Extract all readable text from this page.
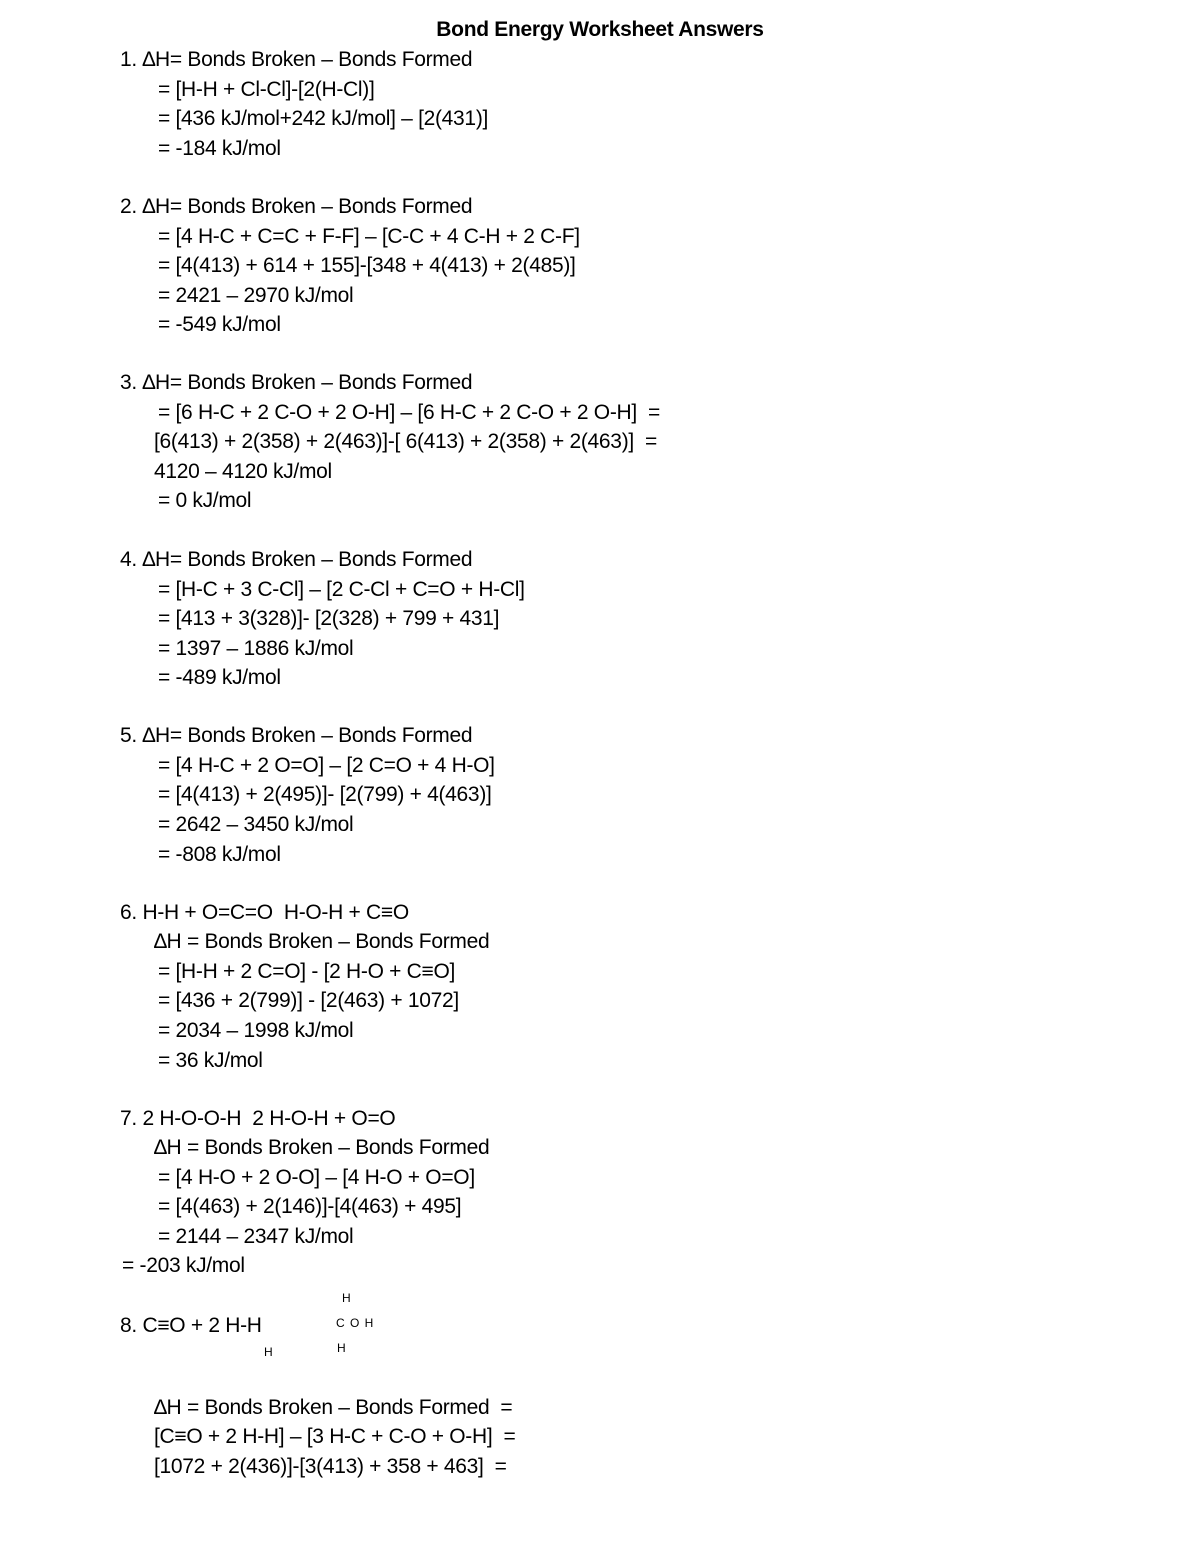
Bond Energy Worksheet Answers
1. ∆H= Bonds Broken – Bonds Formed
= [H-H + Cl-Cl]-[2(H-Cl)]
= [436 kJ/mol+242 kJ/mol] – [2(431)]
= -184 kJ/mol
2. ∆H= Bonds Broken – Bonds Formed
= [4 H-C + C=C + F-F] – [C-C + 4 C-H + 2 C-F]
= [4(413) + 614 + 155]-[348 + 4(413) + 2(485)]
= 2421 – 2970 kJ/mol
= -549 kJ/mol
3. ∆H= Bonds Broken – Bonds Formed
= [6 H-C + 2 C-O + 2 O-H] – [6 H-C + 2 C-O + 2 O-H]  =
[6(413) + 2(358) + 2(463)]-[ 6(413) + 2(358) + 2(463)]  =
4120 – 4120 kJ/mol
= 0 kJ/mol
4. ∆H= Bonds Broken – Bonds Formed
= [H-C + 3 C-Cl] – [2 C-Cl + C=O + H-Cl]
= [413 + 3(328)]- [2(328) + 799 + 431]
= 1397 – 1886 kJ/mol
= -489 kJ/mol
5. ∆H= Bonds Broken – Bonds Formed
= [4 H-C + 2 O=O] – [2 C=O + 4 H-O]
= [4(413) + 2(495)]- [2(799) + 4(463)]
= 2642 – 3450 kJ/mol
= -808 kJ/mol
6. H-H + O=C=O  H-O-H + C≡O
∆H = Bonds Broken – Bonds Formed
= [H-H + 2 C=O] - [2 H-O + C≡O]
= [436 + 2(799)] - [2(463) + 1072]
= 2034 – 1998 kJ/mol
= 36 kJ/mol
7. 2 H-O-O-H  2 H-O-H + O=O
∆H = Bonds Broken – Bonds Formed
= [4 H-O + 2 O-O] – [4 H-O + O=O]
= [4(463) + 2(146)]-[4(463) + 495]
= 2144 – 2347 kJ/mol
= -203 kJ/mol
8. C≡O + 2 H-H
H
C O H
H
H
∆H = Bonds Broken – Bonds Formed  =
[C≡O + 2 H-H] – [3 H-C + C-O + O-H]  =
[1072 + 2(436)]-[3(413) + 358 + 463]  =
